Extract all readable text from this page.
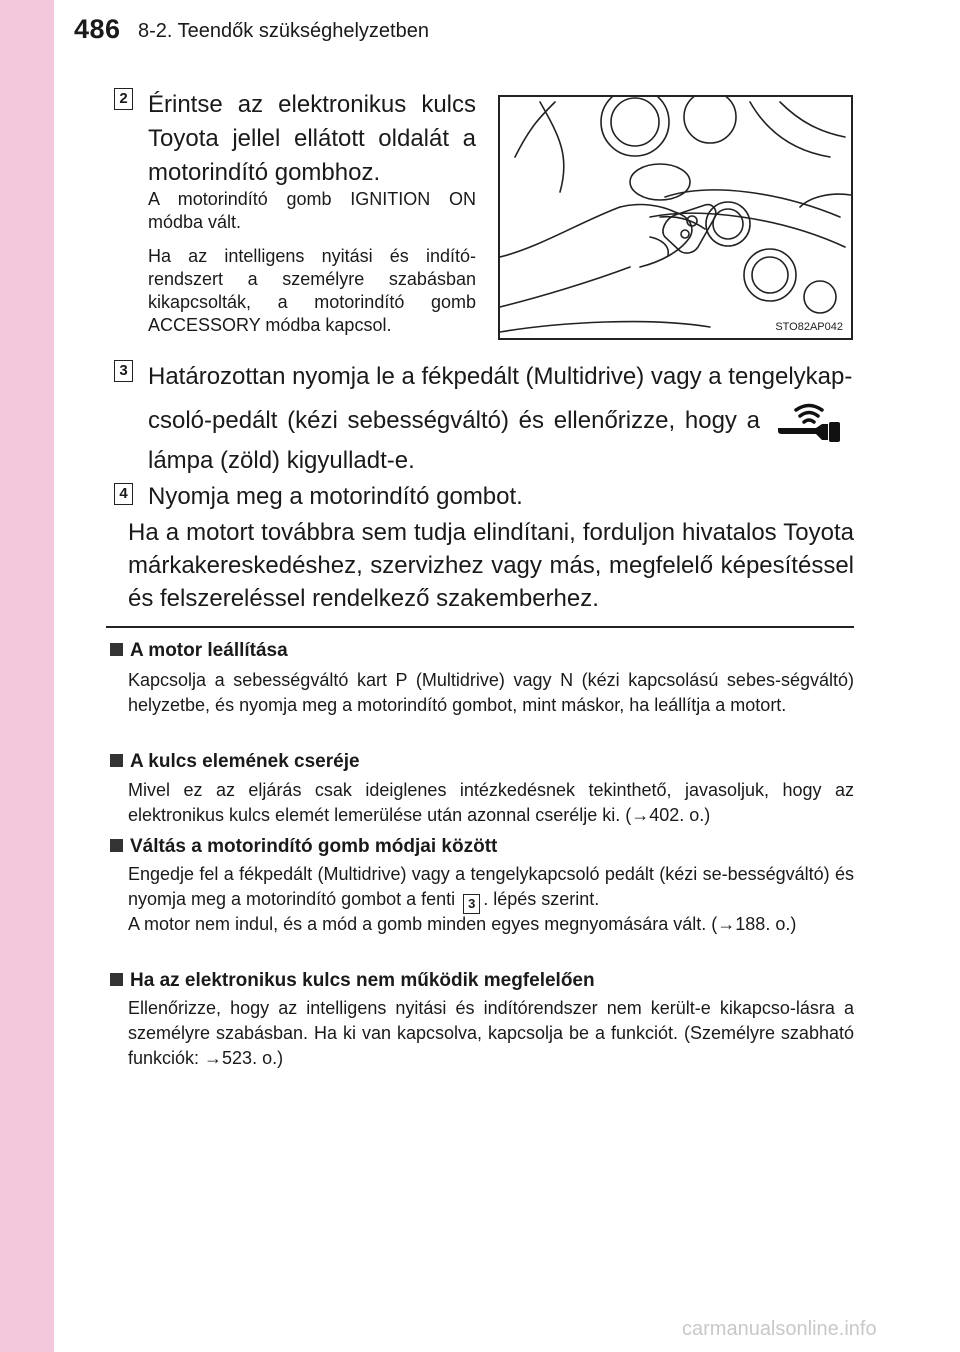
486 8-2. Teendők szükséghelyzetben
2 Érintse az elektronikus kulcs Toyota jellel ellátott oldalát a motorindító gombhoz.
A motorindító gomb IGNITION ON módba vált.
Ha az intelligens nyitási és indító-rendszert a személyre szabásban kikapcsolták, a motorindító gomb ACCESSORY módba kapcsol.	STO82AP042
3 Határozottan nyomja le a fékpedált (Multidrive) vagy a tengelykap-
csoló-pedált (kézi sebességváltó) és ellenőrizze, hogy a
lámpa (zöld) kigyulladt-e.
4 Nyomja meg a motorindító gombot.
Ha a motort továbbra sem tudja elindítani, forduljon hivatalos Toyota márkakereskedéshez, szervizhez vagy más, megfelelő képesítéssel és felszereléssel rendelkező szakemberhez.
A motor leállítása
Kapcsolja a sebességváltó kart P (Multidrive) vagy N (kézi kapcsolású sebes-ségváltó) helyzetbe, és nyomja meg a motorindító gombot, mint máskor, ha leállítja a motort.
A kulcs elemének cseréje
Mivel ez az eljárás csak ideiglenes intézkedésnek tekinthető, javasoljuk, hogy az elektronikus kulcs elemét lemerülése után azonnal cserélje ki. (→402. o.)
Váltás a motorindító gomb módjai között
Engedje fel a fékpedált (Multidrive) vagy a tengelykapcsoló pedált (kézi se-bességváltó) és nyomja meg a motorindító gombot a fenti 3 . lépés szerint.
A motor nem indul, és a mód a gomb minden egyes megnyomására vált. (→188. o.)
Ha az elektronikus kulcs nem működik megfelelően
Ellenőrizze, hogy az intelligens nyitási és indítórendszer nem került-e kikapcso-lásra a személyre szabásban. Ha ki van kapcsolva, kapcsolja be a funkciót. (Személyre szabható funkciók: →523. o.)
carmanualsonline.info
